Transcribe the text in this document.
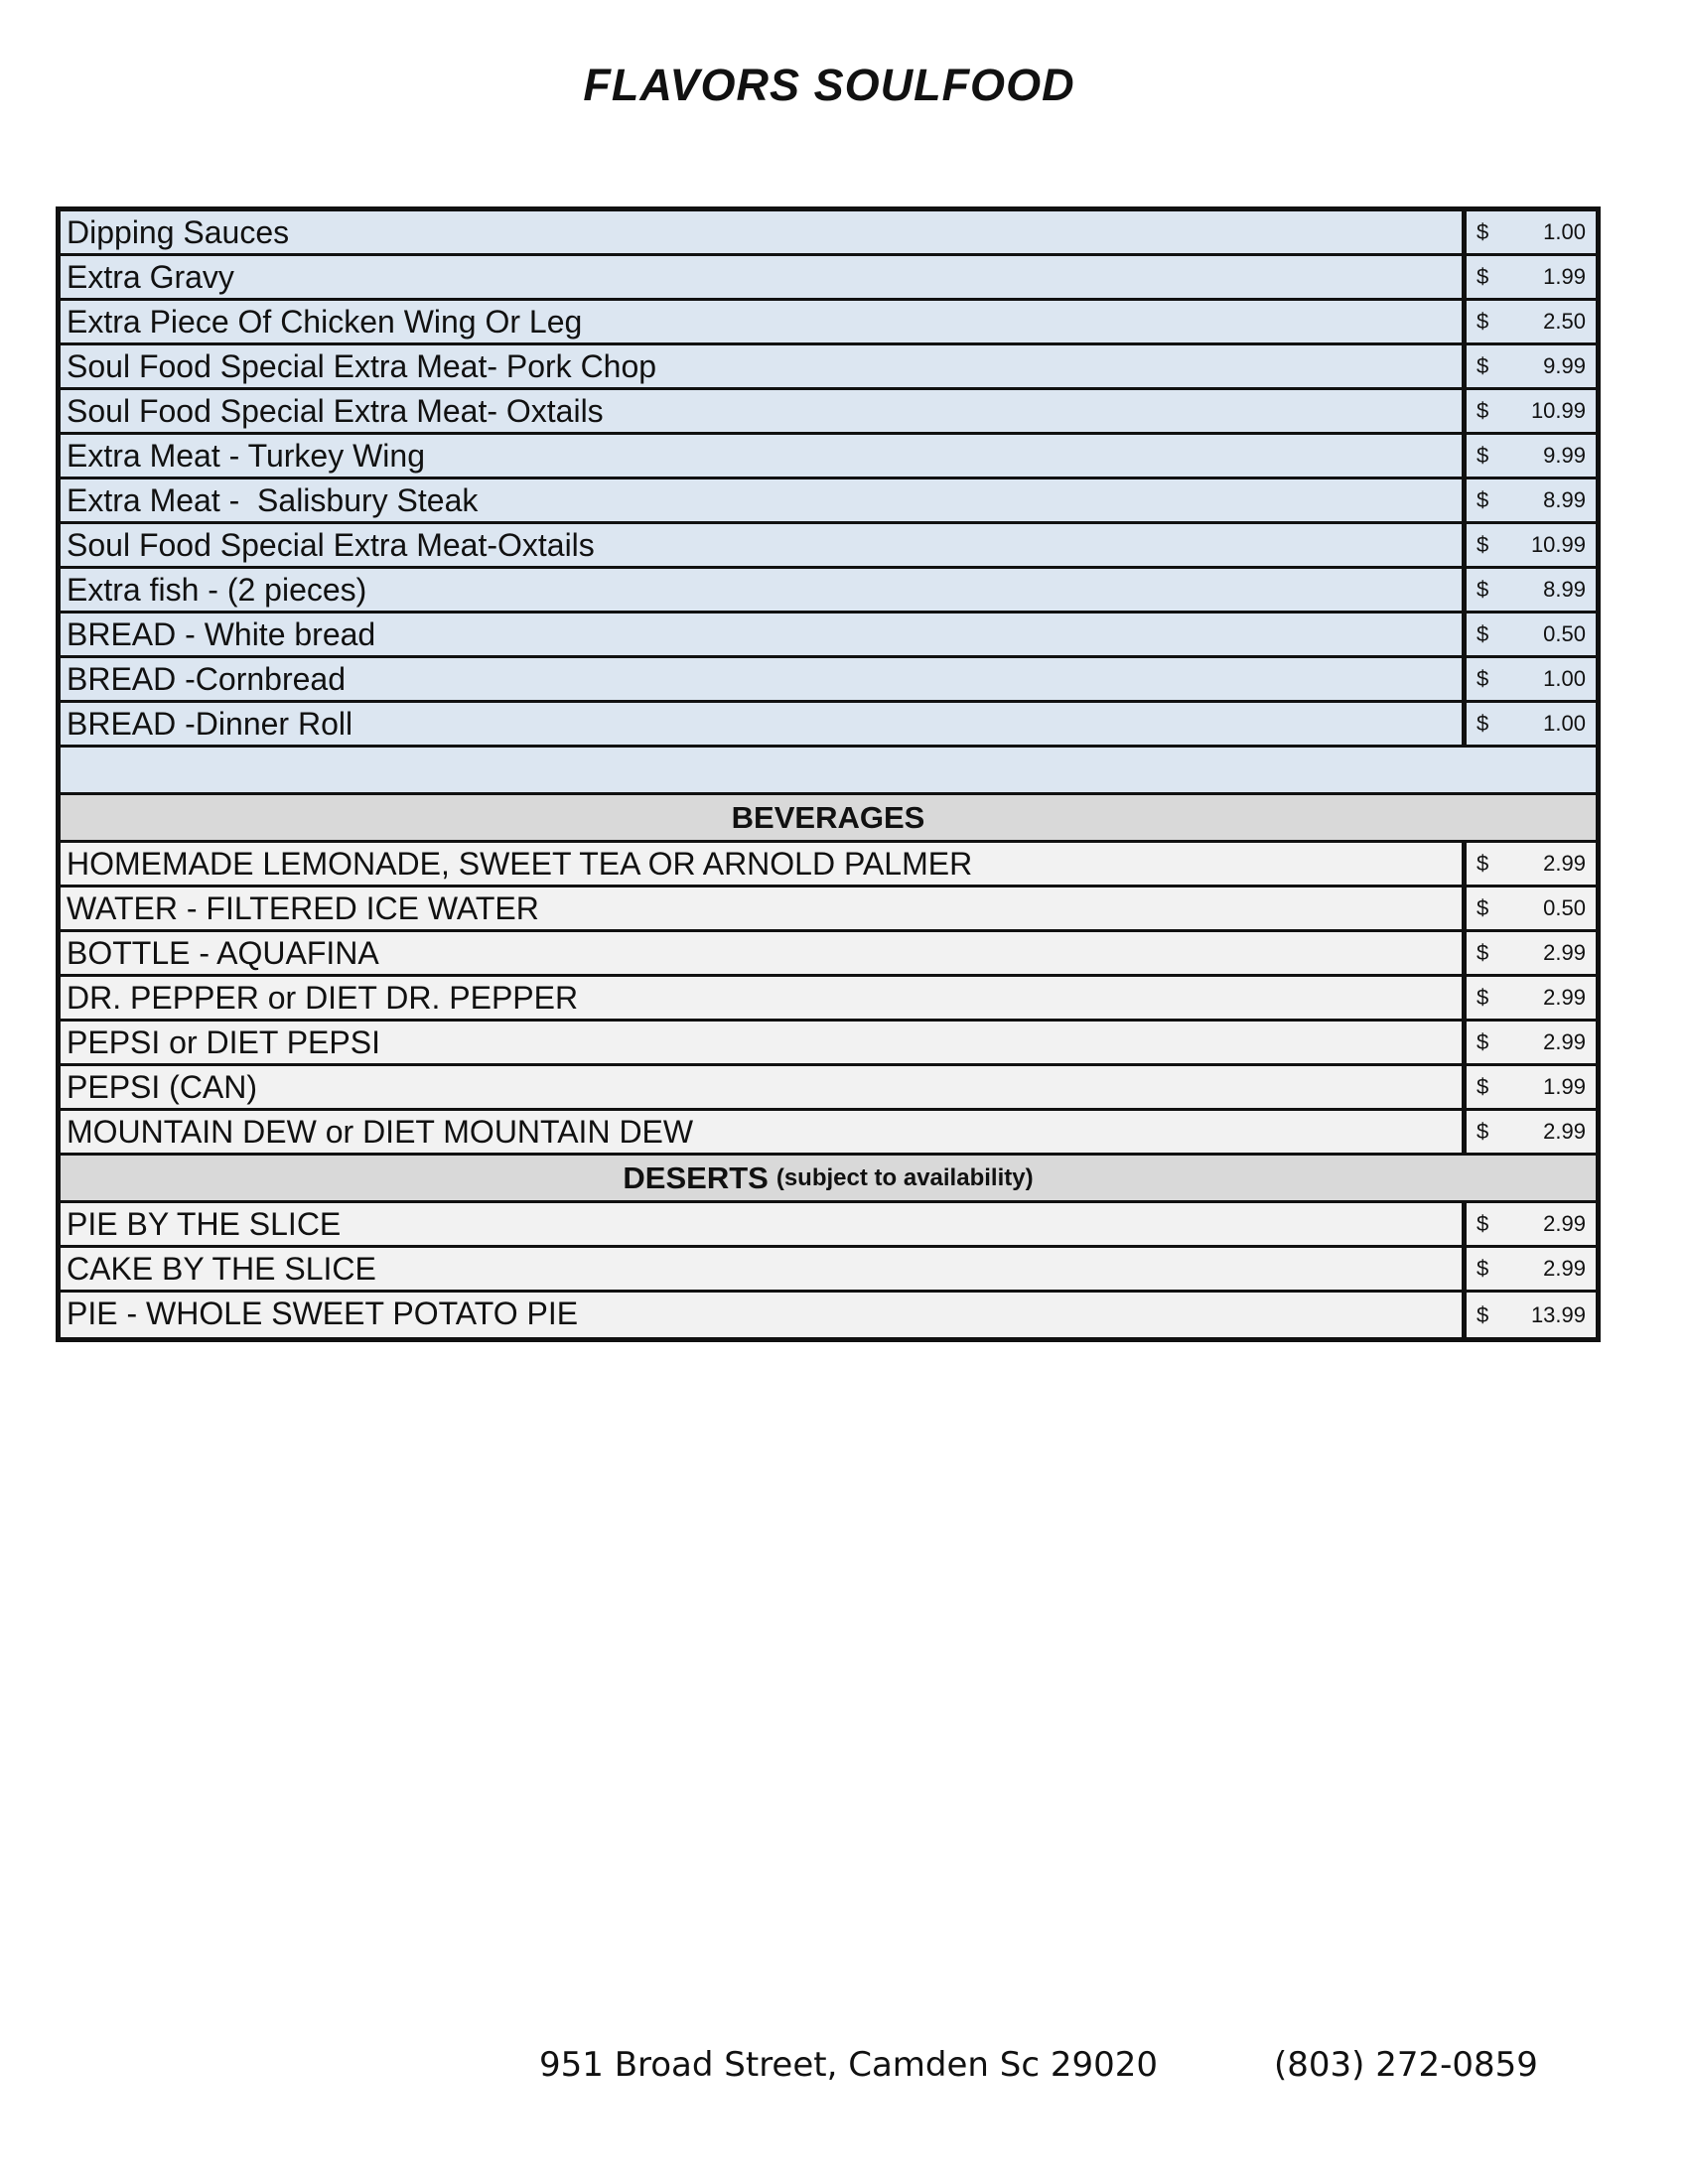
FLAVORS SOULFOOD
Dipping Sauces	$ 1.00
Extra Gravy	$ 1.99
Extra Piece Of Chicken Wing Or Leg	$ 2.50
Soul Food Special Extra Meat- Pork Chop	$ 9.99
Soul Food Special Extra Meat- Oxtails	$ 10.99
Extra Meat - Turkey Wing	$ 9.99
Extra Meat -  Salisbury Steak	$ 8.99
Soul Food Special Extra Meat-Oxtails	$ 10.99
Extra fish - (2 pieces)	$ 8.99
BREAD - White bread	$ 0.50
BREAD -Cornbread	$ 1.00
BREAD -Dinner Roll	$ 1.00
BEVERAGES
HOMEMADE LEMONADE, SWEET TEA OR ARNOLD PALMER	$ 2.99
WATER - FILTERED ICE WATER	$ 0.50
BOTTLE - AQUAFINA	$ 2.99
DR. PEPPER or DIET DR. PEPPER	$ 2.99
PEPSI or DIET PEPSI	$ 2.99
PEPSI (CAN)	$ 1.99
MOUNTAIN DEW or DIET MOUNTAIN DEW	$ 2.99
DESERTS (subject to availability)
PIE BY THE SLICE	$ 2.99
CAKE BY THE SLICE	$ 2.99
PIE - WHOLE SWEET POTATO PIE	$ 13.99
951 Broad Street, Camden Sc 29020	(803) 272-0859
